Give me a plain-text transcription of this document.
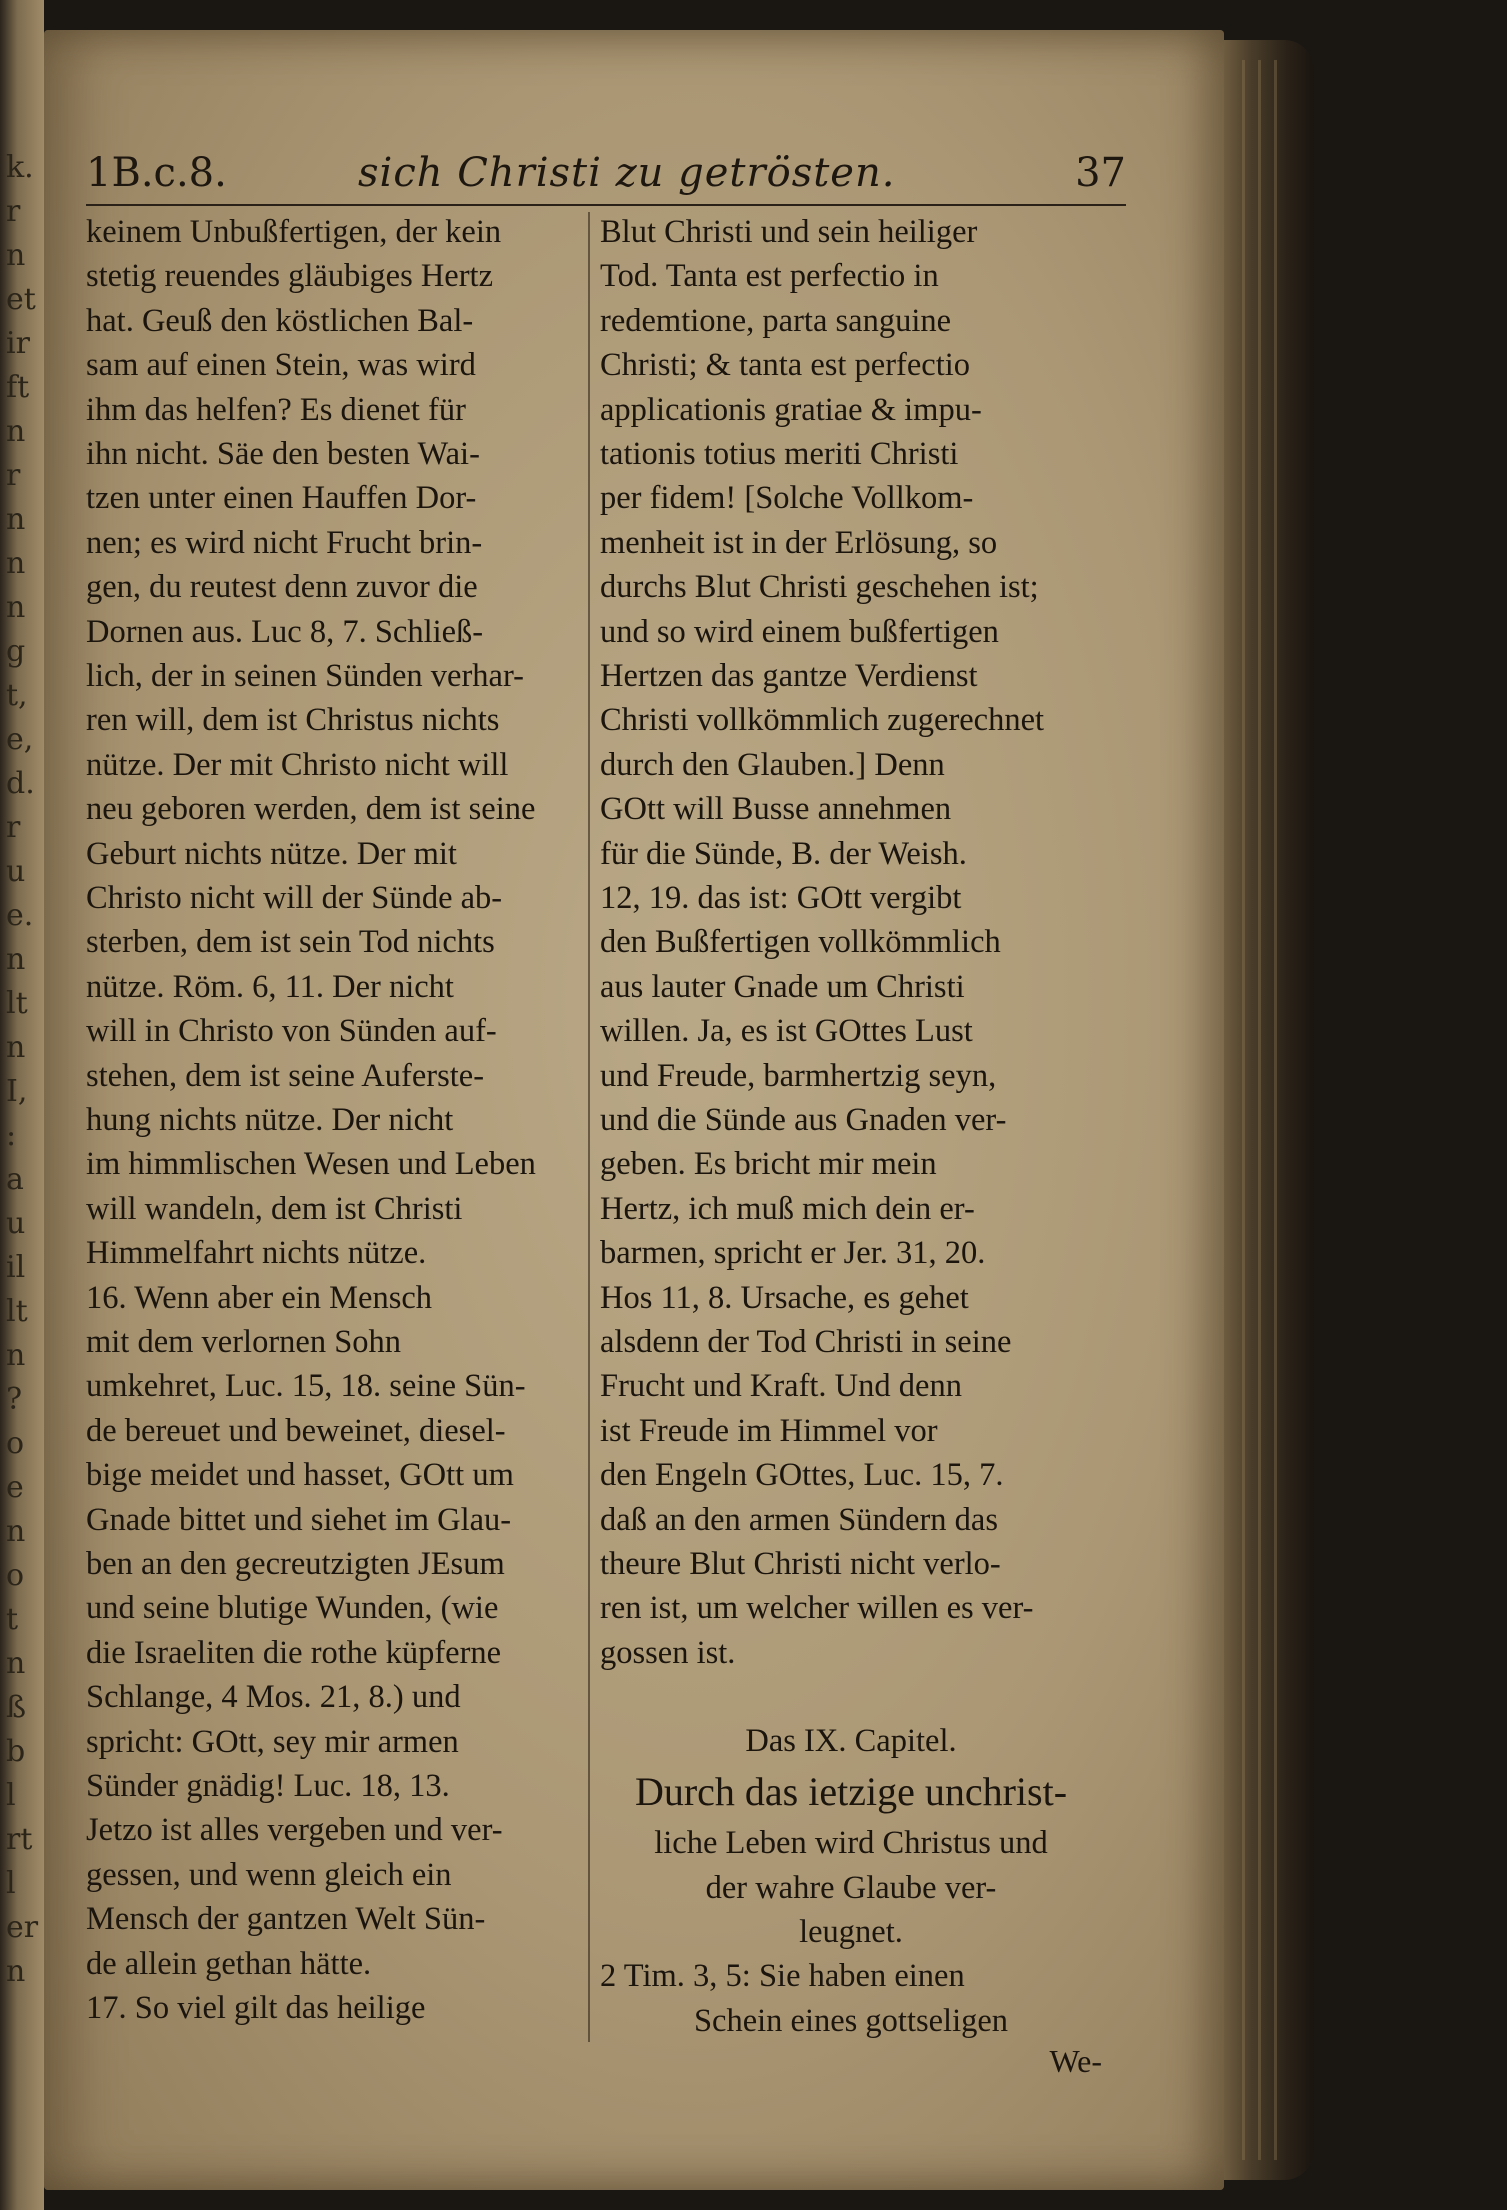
k.
r
n
et
ir
ft
n
r
n
n
n
g
t,
e,
d.
r
u
e.
n
lt
n
I,
:
a
u
il
lt
n
?
o
e
n
o
t
n
ß
b
l
rt
l
er
n
1B.c.8.	sich Christi zu getrösten.	37
keinem Unbußfertigen, der kein
stetig reuendes gläubiges Hertz
hat. Geuß den köstlichen Bal-
sam auf einen Stein, was wird
ihm das helfen? Es dienet für
ihn nicht. Säe den besten Wai-
tzen unter einen Hauffen Dor-
nen; es wird nicht Frucht brin-
gen, du reutest denn zuvor die
Dornen aus. Luc 8, 7. Schließ-
lich, der in seinen Sünden verhar-
ren will, dem ist Christus nichts
nütze. Der mit Christo nicht will
neu geboren werden, dem ist seine
Geburt nichts nütze. Der mit
Christo nicht will der Sünde ab-
sterben, dem ist sein Tod nichts
nütze. Röm. 6, 11. Der nicht
will in Christo von Sünden auf-
stehen, dem ist seine Auferste-
hung nichts nütze. Der nicht
im himmlischen Wesen und Leben
will wandeln, dem ist Christi
Himmelfahrt nichts nütze.
16. Wenn aber ein Mensch
mit dem verlornen Sohn
umkehret, Luc. 15, 18. seine Sün-
de bereuet und beweinet, diesel-
bige meidet und hasset, GOtt um
Gnade bittet und siehet im Glau-
ben an den gecreutzigten JEsum
und seine blutige Wunden, (wie
die Israeliten die rothe küpferne
Schlange, 4 Mos. 21, 8.) und
spricht: GOtt, sey mir armen
Sünder gnädig! Luc. 18, 13.
Jetzo ist alles vergeben und ver-
gessen, und wenn gleich ein
Mensch der gantzen Welt Sün-
de allein gethan hätte.
17. So viel gilt das heilige
Blut Christi und sein heiliger
Tod. Tanta est perfectio in
redemtione, parta sanguine
Christi; & tanta est perfectio
applicationis gratiae & impu-
tationis totius meriti Christi
per fidem! [Solche Vollkom-
menheit ist in der Erlösung, so
durchs Blut Christi geschehen ist;
und so wird einem bußfertigen
Hertzen das gantze Verdienst
Christi vollkömmlich zugerechnet
durch den Glauben.] Denn
GOtt will Busse annehmen
für die Sünde, B. der Weish.
12, 19. das ist: GOtt vergibt
den Bußfertigen vollkömmlich
aus lauter Gnade um Christi
willen. Ja, es ist GOttes Lust
und Freude, barmhertzig seyn,
und die Sünde aus Gnaden ver-
geben. Es bricht mir mein
Hertz, ich muß mich dein er-
barmen, spricht er Jer. 31, 20.
Hos 11, 8. Ursache, es gehet
alsdenn der Tod Christi in seine
Frucht und Kraft. Und denn
ist Freude im Himmel vor
den Engeln GOttes, Luc. 15, 7.
daß an den armen Sündern das
theure Blut Christi nicht verlo-
ren ist, um welcher willen es ver-
gossen ist.
Das IX. Capitel.
Durch das ietzige unchrist-
liche Leben wird Christus und
der wahre Glaube ver-
leugnet.
2 Tim. 3, 5: Sie haben einen
Schein eines gottseligen
We-
